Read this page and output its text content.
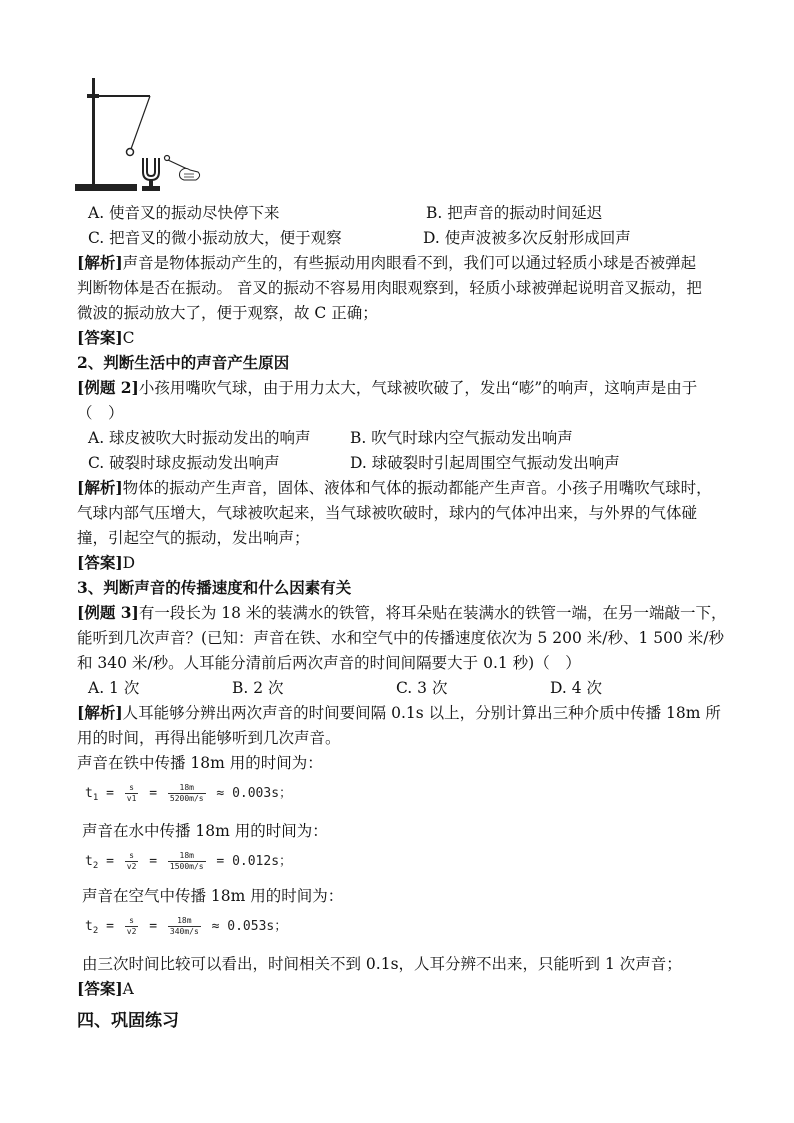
A. 使音叉的振动尽快停下来	B. 把声音的振动时间延迟
C. 把音叉的微小振动放大，便于观察	D. 使声波被多次反射形成回声
[解析]声音是物体振动产生的，有些振动用肉眼看不到，我们可以通过轻质小球是否被弹起
判断物体是否在振动。 音叉的振动不容易用肉眼观察到，轻质小球被弹起说明音叉振动，把
微波的振动放大了，便于观察，故 C 正确；
[答案]C
2、判断生活中的声音产生原因
[例题 2]小孩用嘴吹气球，由于用力太大，气球被吹破了，发出“嘭”的响声，这响声是由于
（　）
A. 球皮被吹大时振动发出的响声	B. 吹气时球内空气振动发出响声
C. 破裂时球皮振动发出响声	D. 球破裂时引起周围空气振动发出响声
[解析]物体的振动产生声音，固体、液体和气体的振动都能产生声音。小孩子用嘴吹气球时，
气球内部气压增大，气球被吹起来，当气球被吹破时，球内的气体冲出来，与外界的气体碰
撞，引起空气的振动，发出响声；
[答案]D
3、判断声音的传播速度和什么因素有关
[例题 3]有一段长为 18 米的装满水的铁管，将耳朵贴在装满水的铁管一端，在另一端敲一下，
能听到几次声音？(已知：声音在铁、水和空气中的传播速度依次为 5 200 米/秒、1 500 米/秒
和 340 米/秒。人耳能分清前后两次声音的时间间隔要大于 0.1 秒)（　）
A. 1 次	B. 2 次	C. 3 次	D. 4 次
[解析]人耳能够分辨出两次声音的时间要间隔 0.1s 以上，分别计算出三种介质中传播 18m 所
用的时间，再得出能够听到几次声音。
声音在铁中传播 18m 用的时间为：
$t_1 = \frac{s}{v1} = \frac{18m}{5200m/s} \approx 0.003s$；
声音在水中传播 18m 用的时间为：
$t_2 = \frac{s}{v2} = \frac{18m}{1500m/s} = 0.012s$；
声音在空气中传播 18m 用的时间为：
$t_2 = \frac{s}{v2} = \frac{18m}{340m/s} \approx 0.053s$；
由三次时间比较可以看出，时间相关不到 0.1s，人耳分辨不出来，只能听到 1 次声音；
[答案]A
四、巩固练习
